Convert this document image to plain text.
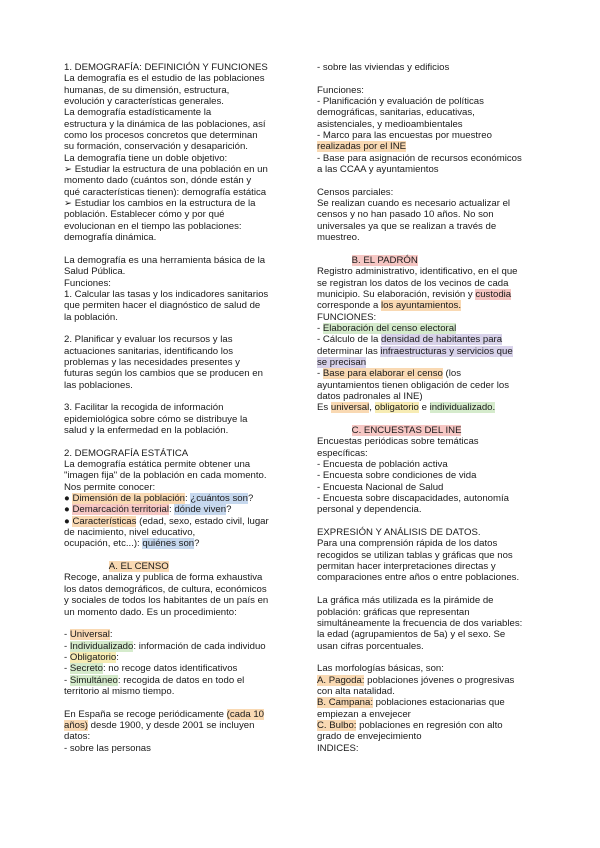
1. DEMOGRAFÍA: DEFINICIÓN Y FUNCIONES
La demografía es el estudio de las poblaciones
humanas, de su dimensión, estructura,
evolución y características generales.
La demografía estadísticamente la
estructura y la dinámica de las poblaciones, así
como los procesos concretos que determinan
su formación, conservación y desaparición.
La demografía tiene un doble objetivo:
➢ Estudiar la estructura de una población en un
momento dado (cuántos son, dónde están y
qué características tienen): demografía estática
➢ Estudiar los cambios en la estructura de la
población. Establecer cómo y por qué
evolucionan en el tiempo las poblaciones:
demografía dinámica.
La demografía es una herramienta básica de la
Salud Pública.
Funciones:
1. Calcular las tasas y los indicadores sanitarios
que permiten hacer el diagnóstico de salud de
la población.
2. Planificar y evaluar los recursos y las
actuaciones sanitarias, identificando los
problemas y las necesidades presentes y
futuras según los cambios que se producen en
las poblaciones.
3. Facilitar la recogida de información
epidemiológica sobre cómo se distribuye la
salud y la enfermedad en la población.
2. DEMOGRAFÍA ESTÁTICA
La demografía estática permite obtener una
"imagen fija" de la población en cada momento.
Nos permite conocer:
● Dimensión de la población: ¿cuántos son?
● Demarcación territorial: dónde viven?
● Características (edad, sexo, estado civil, lugar
de nacimiento, nivel educativo,
ocupación, etc...): quiénes son?
A. EL CENSO
Recoge, analiza y publica de forma exhaustiva
los datos demográficos, de cultura, económicos
y sociales de todos los habitantes de un país en
un momento dado. Es un procedimiento:
- Universal:
- Individualizado: información de cada individuo
- Obligatorio:
- Secreto: no recoge datos identificativos
- Simultáneo: recogida de datos en todo el
territorio al mismo tiempo.
En España se recoge periódicamente (cada 10
años) desde 1900, y desde 2001 se incluyen
datos:
- sobre las personas
- sobre las viviendas y edificios
Funciones:
- Planificación y evaluación de políticas
demográficas, sanitarias, educativas,
asistenciales, y medioambientales
- Marco para las encuestas por muestreo
realizadas por el INE
- Base para asignación de recursos económicos
a las CCAA y ayuntamientos
Censos parciales:
Se realizan cuando es necesario actualizar el
censos y no han pasado 10 años. No son
universales ya que se realizan a través de
muestreo.
B. EL PADRÓN
Registro administrativo, identificativo, en el que
se registran los datos de los vecinos de cada
municipio. Su elaboración, revisión y custodia
corresponde a los ayuntamientos.
FUNCIONES:
- Elaboración del censo electoral
- Cálculo de la densidad de habitantes para
determinar las infraestructuras y servicios que
se precisan
- Base para elaborar el censo (los
ayuntamientos tienen obligación de ceder los
datos padronales al INE)
Es universal, obligatorio e individualizado.
C. ENCUESTAS DEL INE
Encuestas periódicas sobre temáticas
específicas:
- Encuesta de población activa
- Encuesta sobre condiciones de vida
- Encuesta Nacional de Salud
- Encuesta sobre discapacidades, autonomía
personal y dependencia.
EXPRESIÓN Y ANÁLISIS DE DATOS.
Para una comprensión rápida de los datos
recogidos se utilizan tablas y gráficas que nos
permitan hacer interpretaciones directas y
comparaciones entre años o entre poblaciones.
La gráfica más utilizada es la pirámide de
población: gráficas que representan
simultáneamente la frecuencia de dos variables:
la edad (agrupamientos de 5a) y el sexo. Se
usan cifras porcentuales.
Las morfologías básicas, son:
A. Pagoda: poblaciones jóvenes o progresivas
con alta natalidad.
B. Campana: poblaciones estacionarias que
empiezan a envejecer
C. Bulbo: poblaciones en regresión con alto
grado de envejecimiento
INDICES:
